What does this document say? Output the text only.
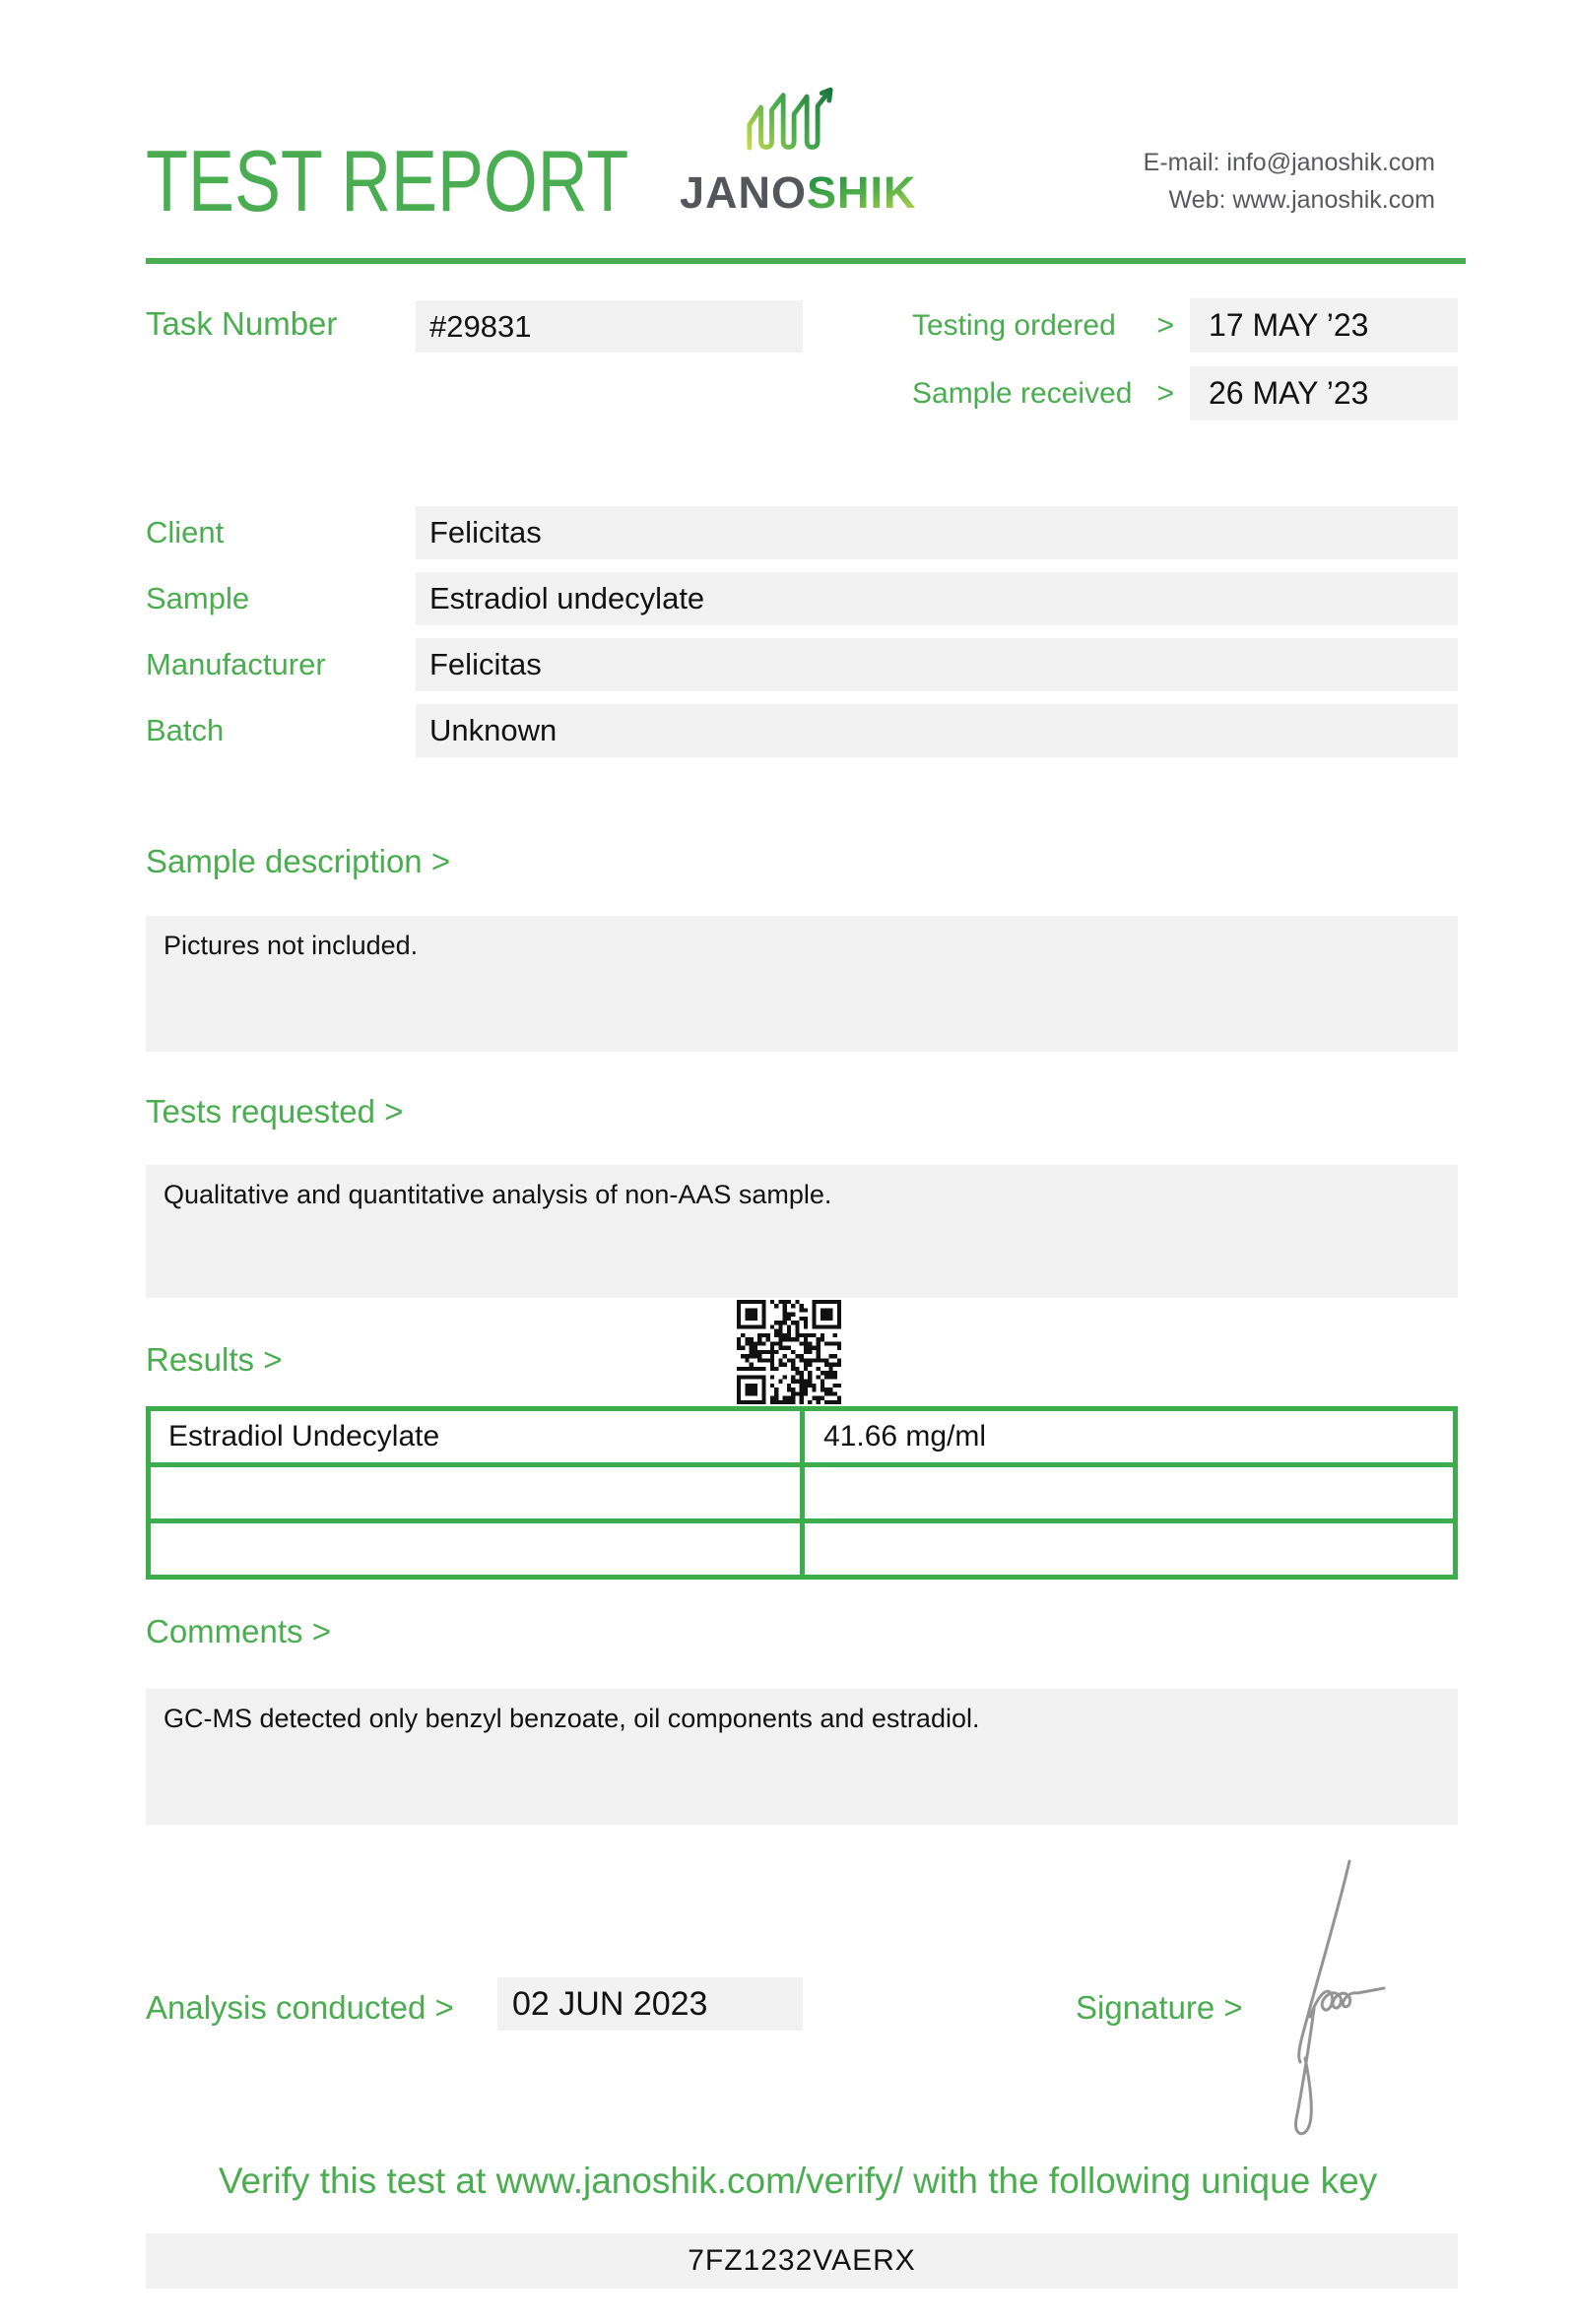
TEST REPORT JANOSHIK
E-mail: info@janoshik.com
Web: www.janoshik.com
Task Number	#29831	Testing ordered >	17 MAY ’23
Sample received >	26 MAY ’23
Client	Felicitas
Sample	Estradiol undecylate
Manufacturer	Felicitas
Batch	Unknown
Sample description >
Pictures not included.
Tests requested >
Qualitative and quantitative analysis of non-AAS sample.
Results >
Estradiol Undecylate	41.66 mg/ml
Comments >
GC-MS detected only benzyl benzoate, oil components and estradiol.
Analysis conducted >	02 JUN 2023	Signature >
Verify this test at www.janoshik.com/verify/ with the following unique key
7FZ1232VAERX
